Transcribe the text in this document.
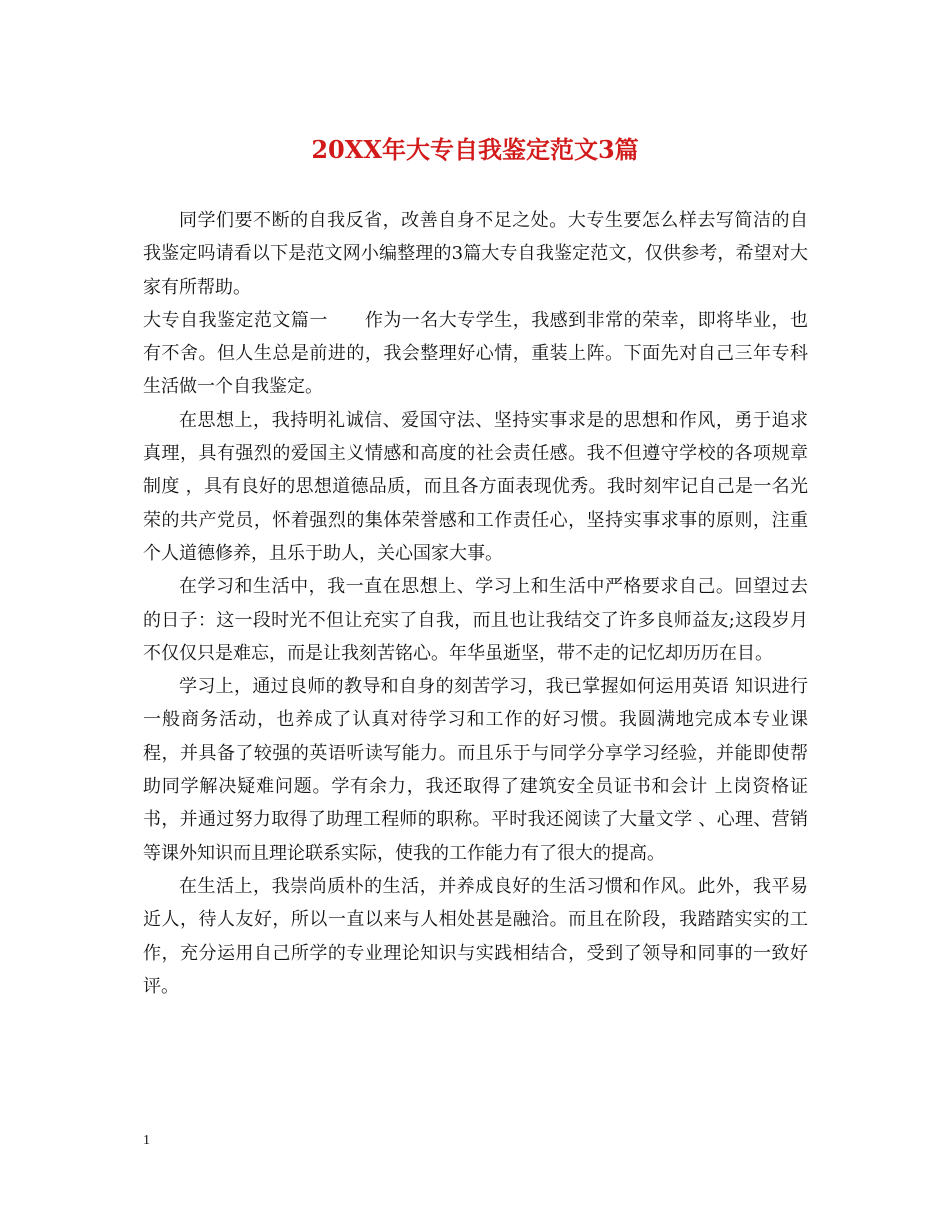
20XX年大专自我鉴定范文3篇

同学们要不断的自我反省，改善自身不足之处。大专生要怎么样去写简洁的自我鉴定吗请看以下是范文网小编整理的3篇大专自我鉴定范文，仅供参考，希望对大家有所帮助。

大专自我鉴定范文篇一　　作为一名大专学生，我感到非常的荣幸，即将毕业，也有不舍。但人生总是前进的，我会整理好心情，重装上阵。下面先对自己三年专科生活做一个自我鉴定。

在思想上，我持明礼诚信、爱国守法、坚持实事求是的思想和作风，勇于追求真理，具有强烈的爱国主义情感和高度的社会责任感。我不但遵守学校的各项规章制度 ，具有良好的思想道德品质，而且各方面表现优秀。我时刻牢记自己是一名光荣的共产党员，怀着强烈的集体荣誉感和工作责任心，坚持实事求事的原则，注重个人道德修养，且乐于助人，关心国家大事。

在学习和生活中，我一直在思想上、学习上和生活中严格要求自己。回望过去的日子：这一段时光不但让充实了自我，而且也让我结交了许多良师益友;这段岁月不仅仅只是难忘，而是让我刻苦铭心。年华虽逝坚，带不走的记忆却历历在目。

学习上，通过良师的教导和自身的刻苦学习，我已掌握如何运用英语 知识进行一般商务活动，也养成了认真对待学习和工作的好习惯。我圆满地完成本专业课程，并具备了较强的英语听读写能力。而且乐于与同学分享学习经验，并能即使帮助同学解决疑难问题。学有余力，我还取得了建筑安全员证书和会计 上岗资格证书，并通过努力取得了助理工程师的职称。平时我还阅读了大量文学 、心理、营销等课外知识而且理论联系实际，使我的工作能力有了很大的提高。

在生活上，我崇尚质朴的生活，并养成良好的生活习惯和作风。此外，我平易近人，待人友好，所以一直以来与人相处甚是融洽。而且在阶段，我踏踏实实的工作，充分运用自己所学的专业理论知识与实践相结合，受到了领导和同事的一致好评。

1
